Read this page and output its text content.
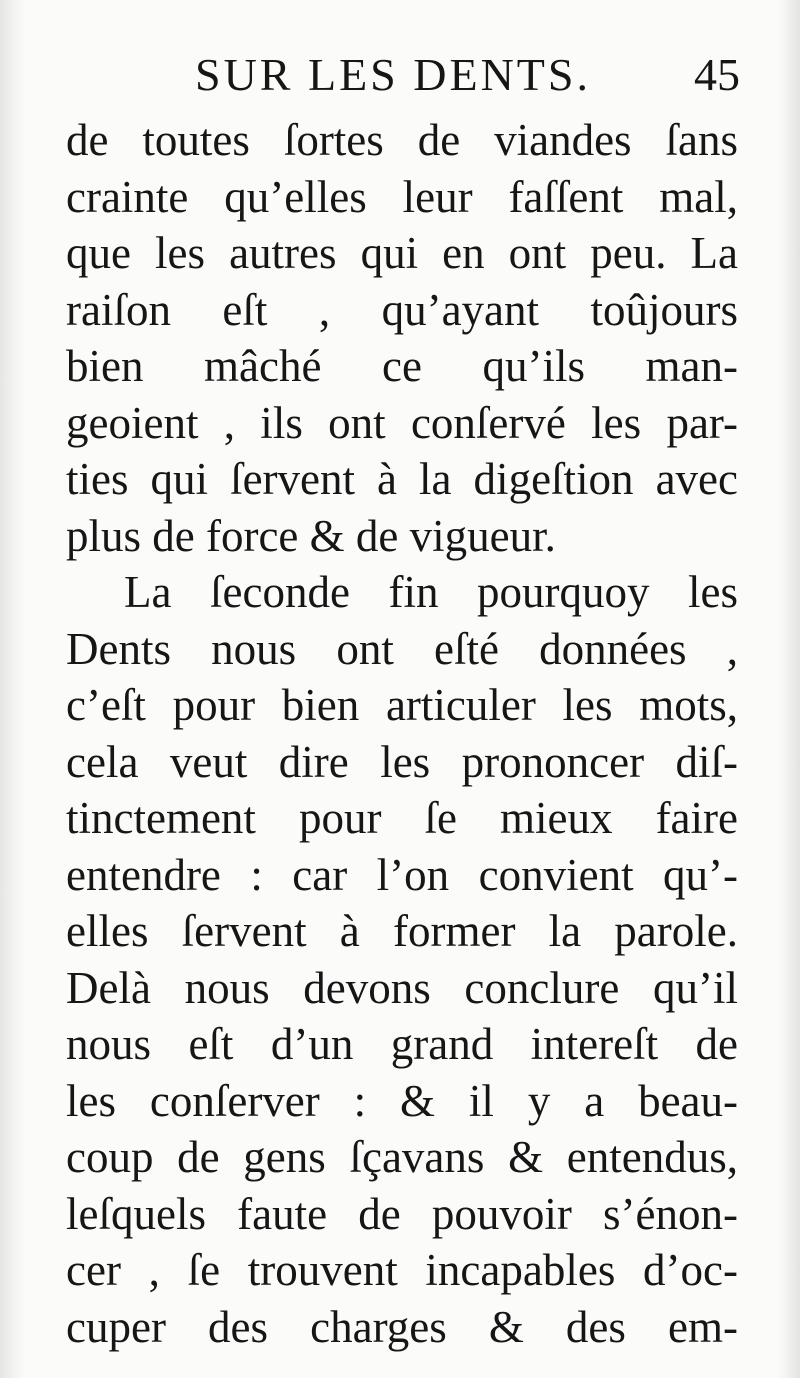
SUR LES DENTS. 45
de toutes ſortes de viandes ſans
crainte qu’elles leur faſſent mal,
que les autres qui en ont peu. La
raiſon eſt , qu’ayant toûjours
bien mâché ce qu’ils man-
geoient , ils ont conſervé les par-
ties qui ſervent à la digeſtion avec
plus de force & de vigueur.
La ſeconde fin pourquoy les
Dents nous ont eſté données ,
c’eſt pour bien articuler les mots,
cela veut dire les prononcer diſ-
tinctement pour ſe mieux faire
entendre : car l’on convient qu’-
elles ſervent à former la parole.
Delà nous devons conclure qu’il
nous eſt d’un grand intereſt de
les conſerver : & il y a beau-
coup de gens ſçavans & entendus,
leſquels faute de pouvoir s’énon-
cer , ſe trouvent incapables d’oc-
cuper des charges & des em-
